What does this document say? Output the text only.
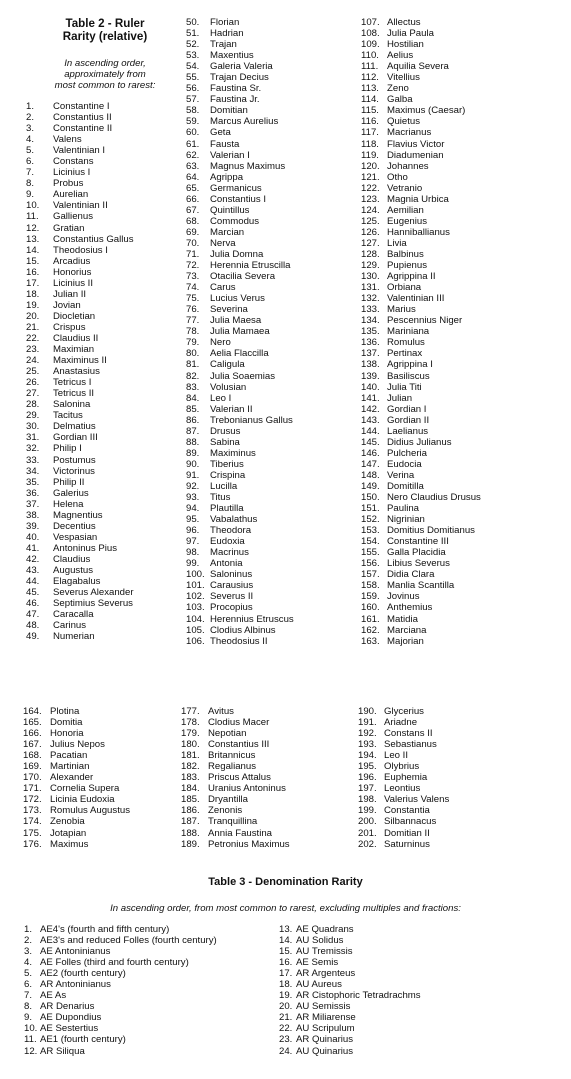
Table 2 - Ruler
Rarity (relative)
In ascending order,
approximately from
most common to rarest:
1.	Constantine I
2.	Constantius II
3.	Constantine II
4.	Valens
5.	Valentinian I
6.	Constans
7.	Licinius I
8.	Probus
9.	Aurelian
10.	Valentinian II
11.	Gallienus
12.	Gratian
13.	Constantius Gallus
14.	Theodosius I
15.	Arcadius
16.	Honorius
17.	Licinius II
18.	Julian II
19.	Jovian
20.	Diocletian
21.	Crispus
22.	Claudius II
23.	Maximian
24.	Maximinus II
25.	Anastasius
26.	Tetricus I
27.	Tetricus II
28.	Salonina
29.	Tacitus
30.	Delmatius
31.	Gordian III
32.	Philip I
33.	Postumus
34.	Victorinus
35.	Philip II
36.	Galerius
37.	Helena
38.	Magnentius
39.	Decentius
40.	Vespasian
41.	Antoninus Pius
42.	Claudius
43.	Augustus
44.	Elagabalus
45.	Severus Alexander
46.	Septimius Severus
47.	Caracalla
48.	Carinus
49.	Numerian
50.	Florian
51.	Hadrian
52.	Trajan
53.	Maxentius
54.	Galeria Valeria
55.	Trajan Decius
56.	Faustina Sr.
57.	Faustina Jr.
58.	Domitian
59.	Marcus Aurelius
60.	Geta
61.	Fausta
62.	Valerian I
63.	Magnus Maximus
64.	Agrippa
65.	Germanicus
66.	Constantius I
67.	Quintillus
68.	Commodus
69.	Marcian
70.	Nerva
71.	Julia Domna
72.	Herennia Etruscilla
73.	Otacilia Severa
74.	Carus
75.	Lucius Verus
76.	Severina
77.	Julia Maesa
78.	Julia Mamaea
79.	Nero
80.	Aelia Flaccilla
81.	Caligula
82.	Julia Soaemias
83.	Volusian
84.	Leo I
85.	Valerian II
86.	Trebonianus Gallus
87.	Drusus
88.	Sabina
89.	Maximinus
90.	Tiberius
91.	Crispina
92.	Lucilla
93.	Titus
94.	Plautilla
95.	Vabalathus
96.	Theodora
97.	Eudoxia
98.	Macrinus
99.	Antonia
100. Saloninus
101. Carausius
102. Severus II
103. Procopius
104. Herennius Etruscus
105. Clodius Albinus
106. Theodosius II
107. Allectus
108. Julia Paula
109. Hostilian
110. Aelius
111. Aquilia Severa
112. Vitellius
113. Zeno
114. Galba
115. Maximus (Caesar)
116. Quietus
117. Macrianus
118. Flavius Victor
119. Diadumenian
120. Johannes
121. Otho
122. Vetranio
123. Magnia Urbica
124. Aemilian
125. Eugenius
126. Hanniballianus
127. Livia
128. Balbinus
129. Pupienus
130. Agrippina II
131. Orbiana
132. Valentinian III
133. Marius
134. Pescennius Niger
135. Mariniana
136. Romulus
137. Pertinax
138. Agrippina I
139. Basiliscus
140. Julia Titi
141. Julian
142. Gordian I
143. Gordian II
144. Laelianus
145. Didius Julianus
146. Pulcheria
147. Eudocia
148. Verina
149. Domitilla
150. Nero Claudius Drusus
151. Paulina
152. Nigrinian
153. Domitius Domitianus
154. Constantine III
155. Galla Placidia
156. Libius Severus
157. Didia Clara
158. Manlia Scantilla
159. Jovinus
160. Anthemius
161. Matidia
162. Marciana
163. Majorian
164. Plotina
165. Domitia
166. Honoria
167. Julius Nepos
168. Pacatian
169. Martinian
170. Alexander
171. Cornelia Supera
172. Licinia Eudoxia
173. Romulus Augustus
174. Zenobia
175. Jotapian
176. Maximus
177. Avitus
178. Clodius Macer
179. Nepotian
180. Constantius III
181. Britannicus
182. Regalianus
183. Priscus Attalus
184. Uranius Antoninus
185. Dryantilla
186. Zenonis
187. Tranquillina
188. Annia Faustina
189. Petronius Maximus
190. Glycerius
191. Ariadne
192. Constans II
193. Sebastianus
194. Leo II
195. Olybrius
196. Euphemia
197. Leontius
198. Valerius Valens
199. Constantia
200. Silbannacus
201. Domitian II
202. Saturninus
Table 3 - Denomination Rarity
In ascending order, from most common to rarest, excluding multiples and fractions:
1. AE4's (fourth and fifth century)
2. AE3's and reduced Folles (fourth century)
3. AE Antoninianus
4. AE Folles (third and fourth century)
5. AE2 (fourth century)
6. AR Antoninianus
7. AE As
8. AR Denarius
9. AE Dupondius
10. AE Sestertius
11. AE1 (fourth century)
12. AR Siliqua
13. AE Quadrans
14. AU Solidus
15. AU Tremissis
16. AE Semis
17. AR Argenteus
18. AU Aureus
19. AR Cistophoric Tetradrachms
20. AU Semissis
21. AR Miliarense
22. AU Scripulum
23. AR Quinarius
24. AU Quinarius
